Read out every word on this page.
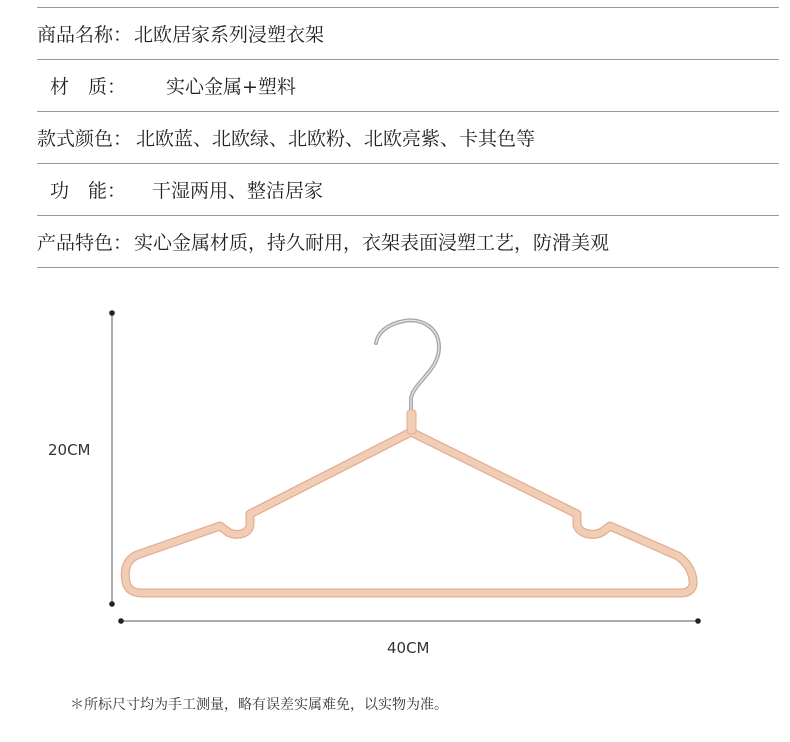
商品名称： 北欧居家系列浸塑衣架
材　质： 实心金属+塑料
款式颜色： 北欧蓝、北欧绿、北欧粉、北欧亮紫、卡其色等
功　能： 干湿两用、整洁居家
产品特色： 实心金属材质，持久耐用，衣架表面浸塑工艺，防滑美观
20CM
40CM
＊所标尺寸均为手工测量，略有误差实属难免，以实物为准。
